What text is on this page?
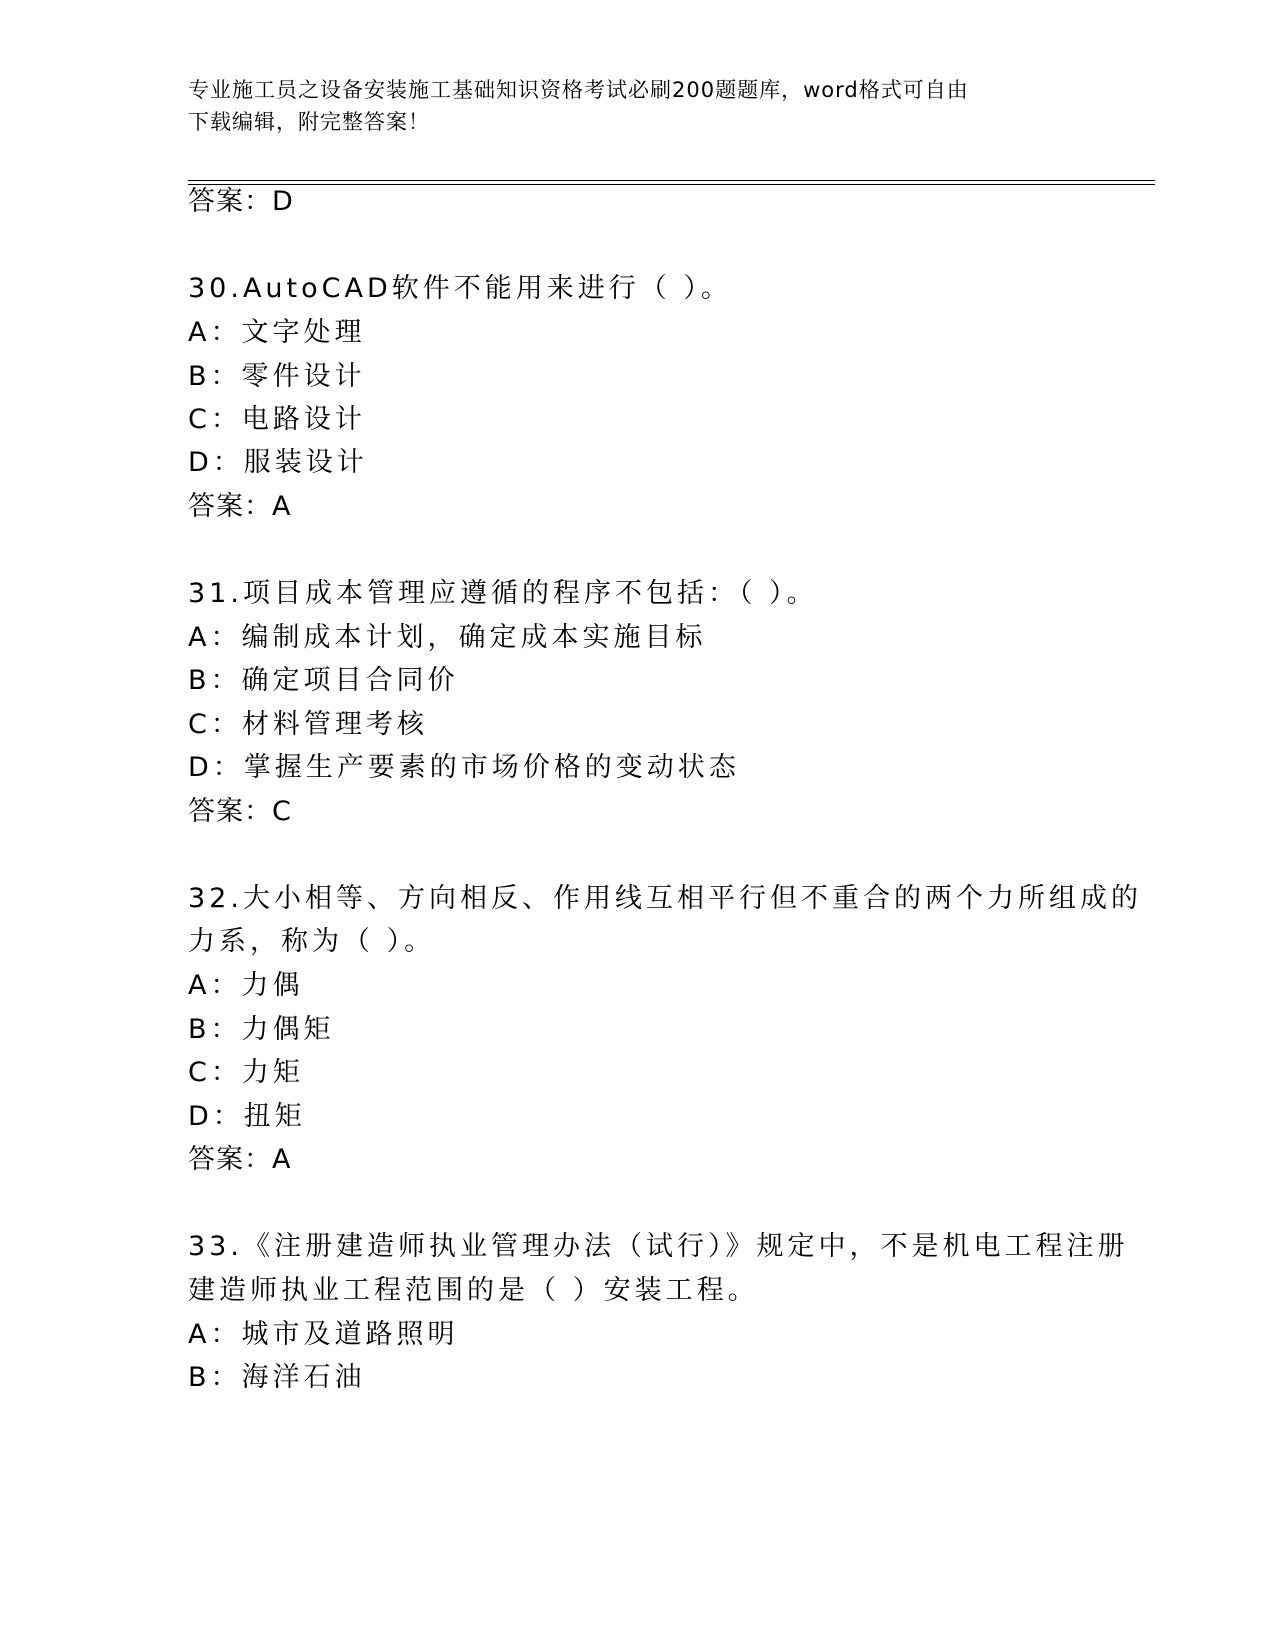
专业施工员之设备安装施工基础知识资格考试必刷200题题库，word格式可自由
下载编辑，附完整答案！
答案：D
30.AutoCAD软件不能用来进行（ ）。
A：文字处理
B：零件设计
C：电路设计
D：服装设计
答案：A
31.项目成本管理应遵循的程序不包括：（ ）。
A：编制成本计划，确定成本实施目标
B：确定项目合同价
C：材料管理考核
D：掌握生产要素的市场价格的变动状态
答案：C
32.大小相等、方向相反、作用线互相平行但不重合的两个力所组成的
力系，称为（ ）。
A：力偶
B：力偶矩
C：力矩
D：扭矩
答案：A
33.《注册建造师执业管理办法（试行）》规定中，不是机电工程注册
建造师执业工程范围的是（ ）安装工程。
A：城市及道路照明
B：海洋石油
